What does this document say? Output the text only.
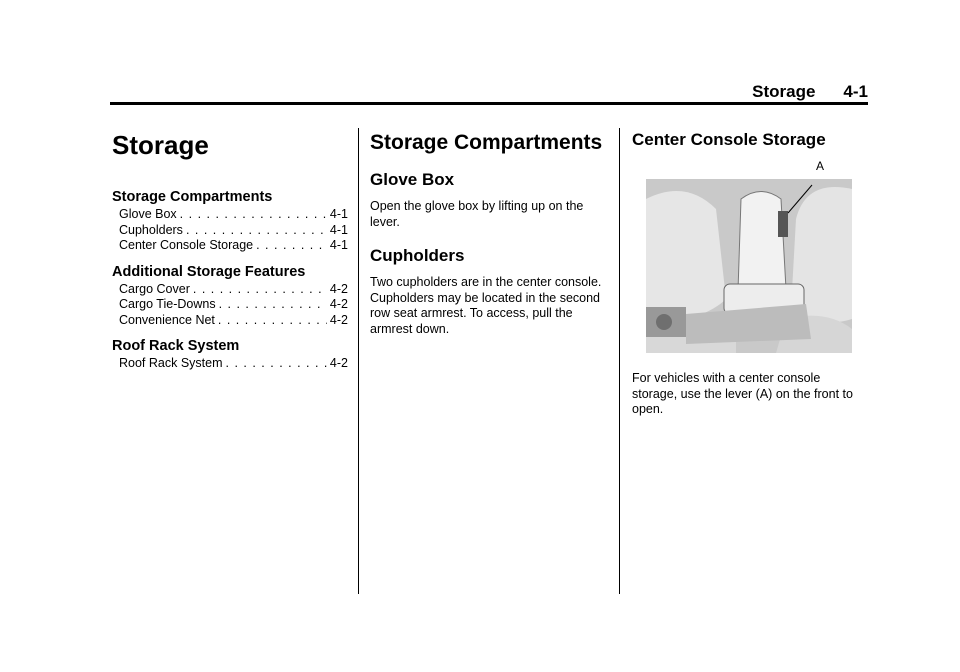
Storage 4-1
Storage
Storage Compartments
Glove Box . . .	4-1
Cupholders . . .	4-1
Center Console Storage . . .	4-1
Additional Storage Features
Cargo Cover . . .	4-2
Cargo Tie-Downs . . .	4-2
Convenience Net . . .	4-2
Roof Rack System
Roof Rack System . . .	4-2
Storage Compartments
Glove Box

Open the glove box by lifting up on the lever.

Cupholders

Two cupholders are in the center console. Cupholders may be located in the second row seat armrest. To access, pull the armrest down.

Center Console Storage
A

For vehicles with a center console storage, use the lever (A) on the front to open.
